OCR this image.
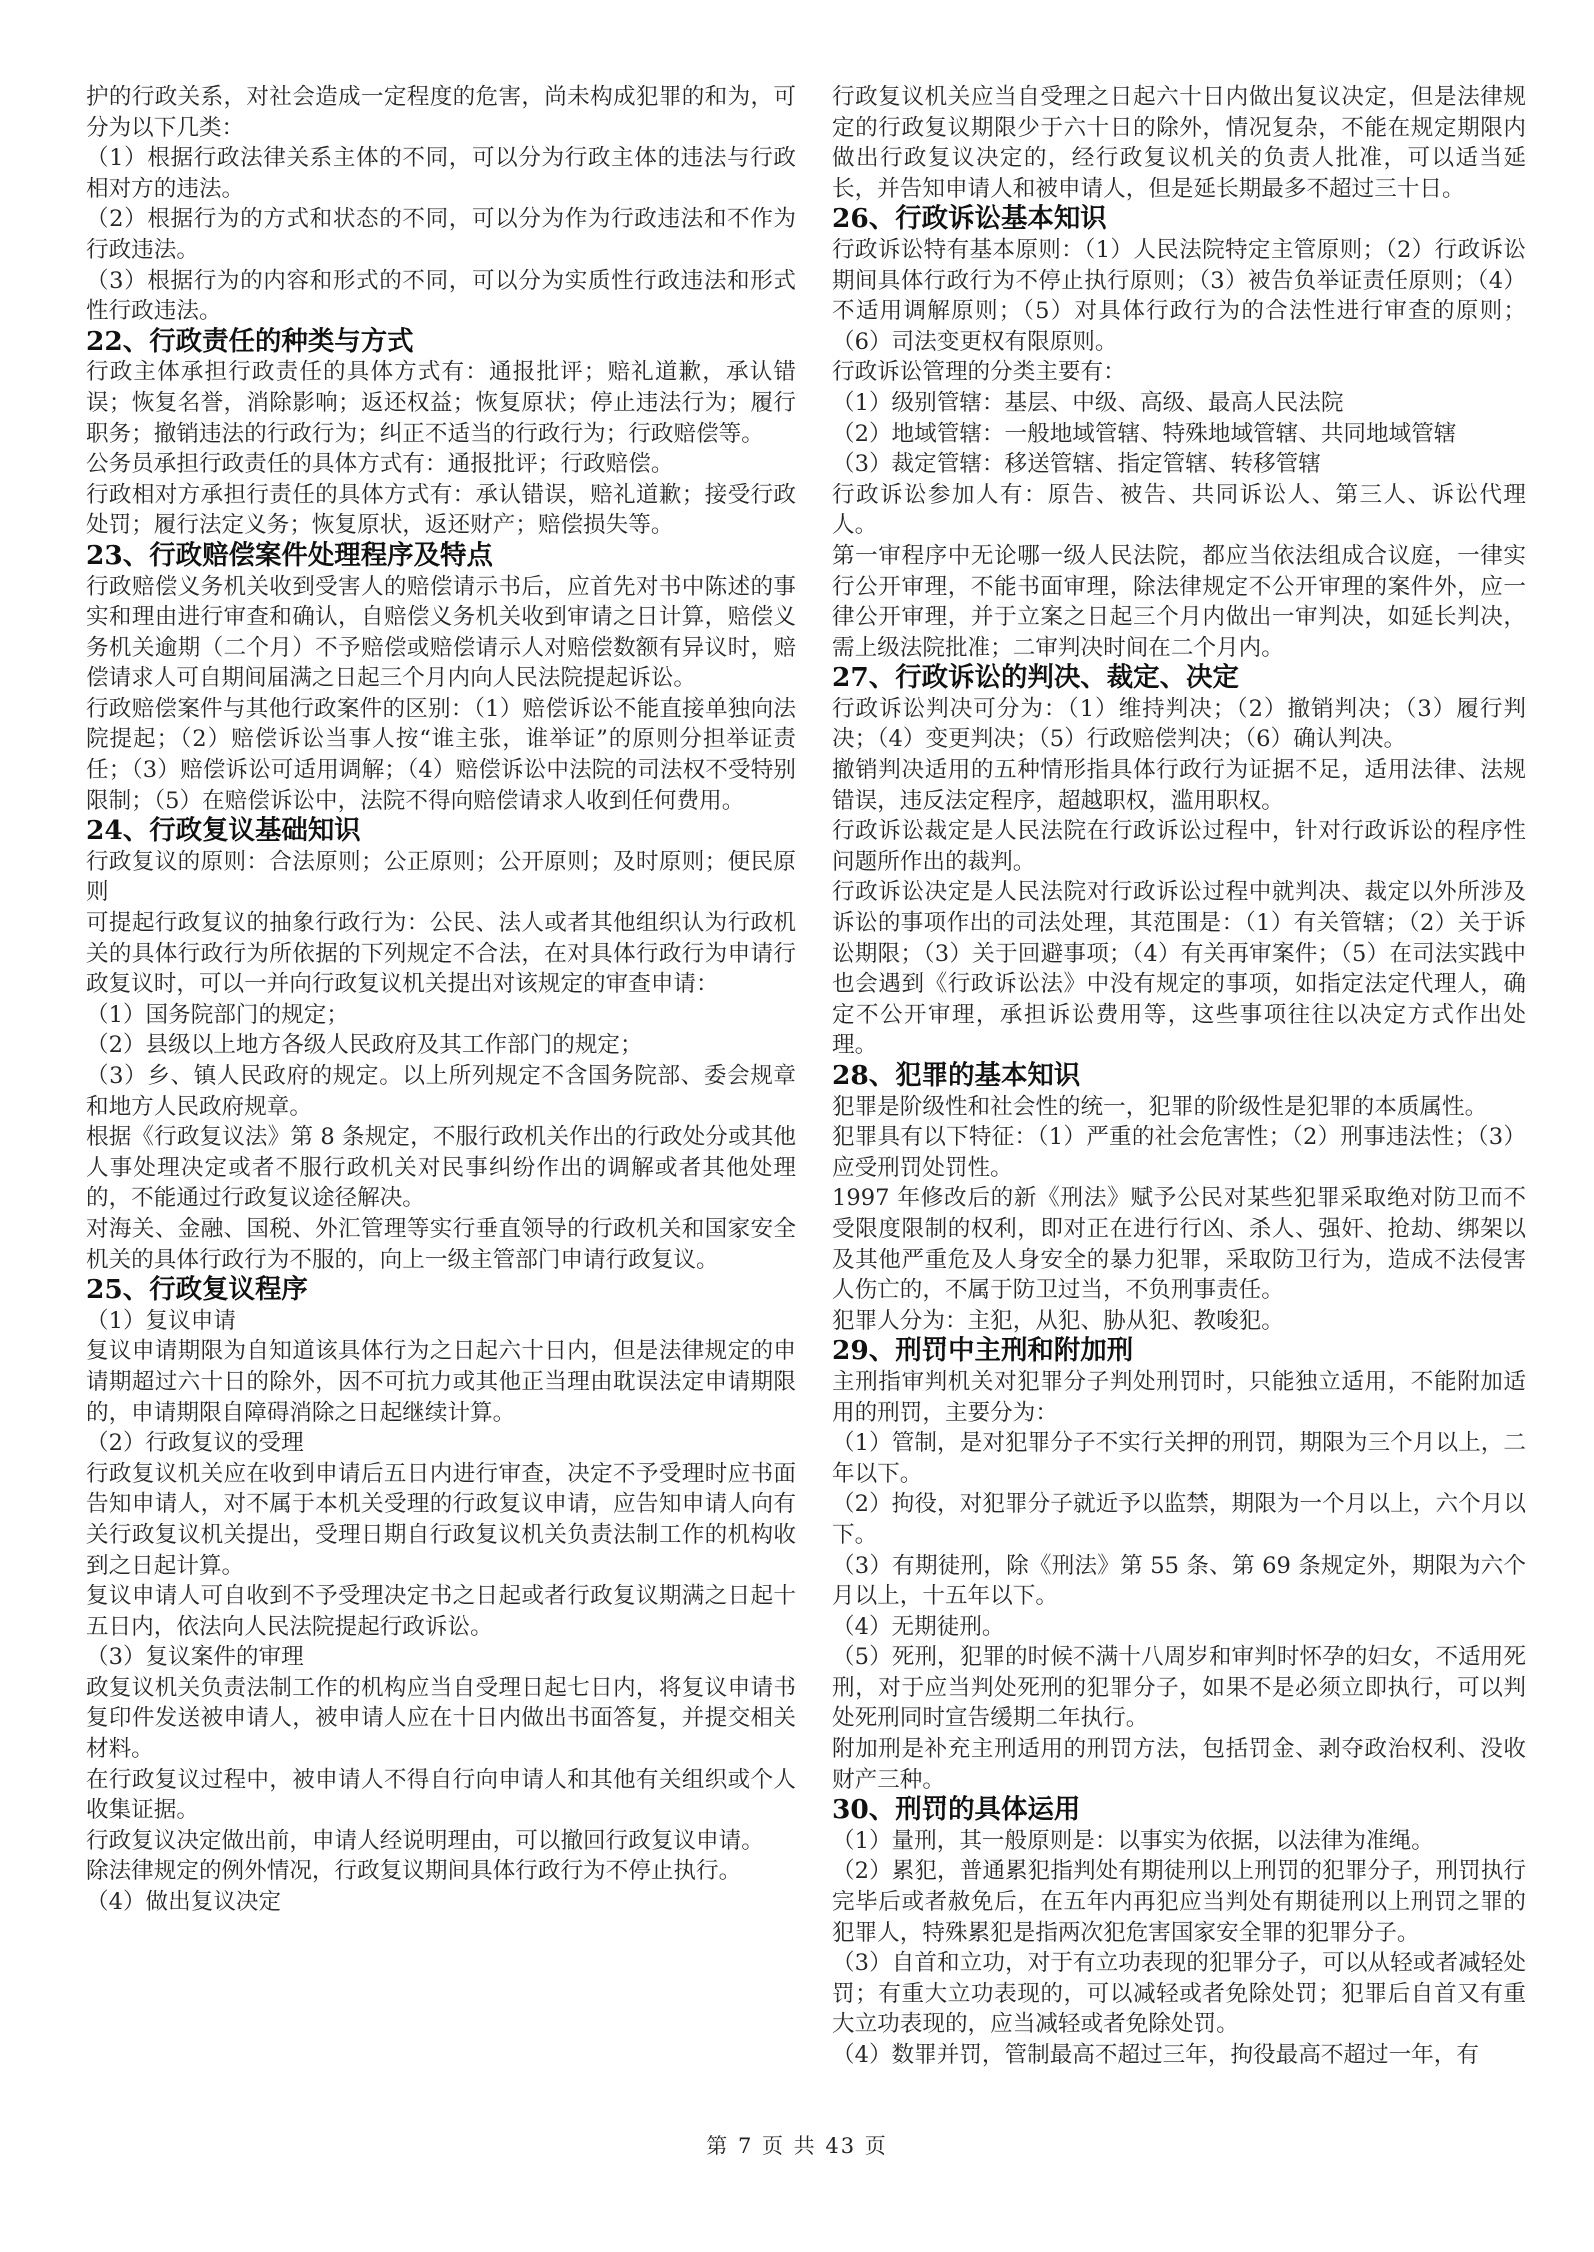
护的行政关系，对社会造成一定程度的危害，尚未构成犯罪的和为，可分为以下几类：

（1）根据行政法律关系主体的不同，可以分为行政主体的违法与行政相对方的违法。

（2）根据行为的方式和状态的不同，可以分为作为行政违法和不作为行政违法。

（3）根据行为的内容和形式的不同，可以分为实质性行政违法和形式性行政违法。

22、行政责任的种类与方式

行政主体承担行政责任的具体方式有：通报批评；赔礼道歉，承认错误；恢复名誉，消除影响；返还权益；恢复原状；停止违法行为；履行职务；撤销违法的行政行为；纠正不适当的行政行为；行政赔偿等。

公务员承担行政责任的具体方式有：通报批评；行政赔偿。

行政相对方承担行责任的具体方式有：承认错误，赔礼道歉；接受行政处罚；履行法定义务；恢复原状，返还财产；赔偿损失等。

23、行政赔偿案件处理程序及特点

行政赔偿义务机关收到受害人的赔偿请示书后，应首先对书中陈述的事实和理由进行审查和确认，自赔偿义务机关收到审请之日计算，赔偿义务机关逾期（二个月）不予赔偿或赔偿请示人对赔偿数额有异议时，赔偿请求人可自期间届满之日起三个月内向人民法院提起诉讼。

行政赔偿案件与其他行政案件的区别：（1）赔偿诉讼不能直接单独向法院提起；（2）赔偿诉讼当事人按“谁主张，谁举证”的原则分担举证责任；（3）赔偿诉讼可适用调解；（4）赔偿诉讼中法院的司法权不受特别限制；（5）在赔偿诉讼中，法院不得向赔偿请求人收到任何费用。

24、行政复议基础知识

行政复议的原则：合法原则；公正原则；公开原则；及时原则；便民原则

可提起行政复议的抽象行政行为：公民、法人或者其他组织认为行政机关的具体行政行为所依据的下列规定不合法，在对具体行政行为申请行政复议时，可以一并向行政复议机关提出对该规定的审查申请：

（1）国务院部门的规定；

（2）县级以上地方各级人民政府及其工作部门的规定；

（3）乡、镇人民政府的规定。以上所列规定不含国务院部、委会规章和地方人民政府规章。

根据《行政复议法》第 8 条规定，不服行政机关作出的行政处分或其他人事处理决定或者不服行政机关对民事纠纷作出的调解或者其他处理的，不能通过行政复议途径解决。

对海关、金融、国税、外汇管理等实行垂直领导的行政机关和国家安全机关的具体行政行为不服的，向上一级主管部门申请行政复议。

25、行政复议程序

（1）复议申请

复议申请期限为自知道该具体行为之日起六十日内，但是法律规定的申请期超过六十日的除外，因不可抗力或其他正当理由耽误法定申请期限的，申请期限自障碍消除之日起继续计算。

（2）行政复议的受理

行政复议机关应在收到申请后五日内进行审查，决定不予受理时应书面告知申请人，对不属于本机关受理的行政复议申请，应告知申请人向有关行政复议机关提出，受理日期自行政复议机关负责法制工作的机构收到之日起计算。

复议申请人可自收到不予受理决定书之日起或者行政复议期满之日起十五日内，依法向人民法院提起行政诉讼。

（3）复议案件的审理

政复议机关负责法制工作的机构应当自受理日起七日内，将复议申请书复印件发送被申请人，被申请人应在十日内做出书面答复，并提交相关材料。

在行政复议过程中，被申请人不得自行向申请人和其他有关组织或个人收集证据。

行政复议决定做出前，申请人经说明理由，可以撤回行政复议申请。

除法律规定的例外情况，行政复议期间具体行政行为不停止执行。

（4）做出复议决定

行政复议机关应当自受理之日起六十日内做出复议决定，但是法律规定的行政复议期限少于六十日的除外，情况复杂，不能在规定期限内做出行政复议决定的，经行政复议机关的负责人批准，可以适当延长，并告知申请人和被申请人，但是延长期最多不超过三十日。

26、行政诉讼基本知识

行政诉讼特有基本原则：（1）人民法院特定主管原则；（2）行政诉讼期间具体行政行为不停止执行原则；（3）被告负举证责任原则；（4）不适用调解原则；（5）对具体行政行为的合法性进行审查的原则；（6）司法变更权有限原则。

行政诉讼管理的分类主要有：

（1）级别管辖：基层、中级、高级、最高人民法院

（2）地域管辖：一般地域管辖、特殊地域管辖、共同地域管辖

（3）裁定管辖：移送管辖、指定管辖、转移管辖

行政诉讼参加人有：原告、被告、共同诉讼人、第三人、诉讼代理人。

第一审程序中无论哪一级人民法院，都应当依法组成合议庭，一律实行公开审理，不能书面审理，除法律规定不公开审理的案件外，应一律公开审理，并于立案之日起三个月内做出一审判决，如延长判决，需上级法院批准；二审判决时间在二个月内。

27、行政诉讼的判决、裁定、决定

行政诉讼判决可分为：（1）维持判决；（2）撤销判决；（3）履行判决；（4）变更判决；（5）行政赔偿判决；（6）确认判决。

撤销判决适用的五种情形指具体行政行为证据不足，适用法律、法规错误，违反法定程序，超越职权，滥用职权。

行政诉讼裁定是人民法院在行政诉讼过程中，针对行政诉讼的程序性问题所作出的裁判。

行政诉讼决定是人民法院对行政诉讼过程中就判决、裁定以外所涉及诉讼的事项作出的司法处理，其范围是：（1）有关管辖；（2）关于诉讼期限；（3）关于回避事项；（4）有关再审案件；（5）在司法实践中也会遇到《行政诉讼法》中没有规定的事项，如指定法定代理人，确定不公开审理，承担诉讼费用等，这些事项往往以决定方式作出处理。

28、犯罪的基本知识

犯罪是阶级性和社会性的统一，犯罪的阶级性是犯罪的本质属性。

犯罪具有以下特征：（1）严重的社会危害性；（2）刑事违法性；（3）应受刑罚处罚性。

1997 年修改后的新《刑法》赋予公民对某些犯罪采取绝对防卫而不受限度限制的权利，即对正在进行行凶、杀人、强奸、抢劫、绑架以及其他严重危及人身安全的暴力犯罪，采取防卫行为，造成不法侵害人伤亡的，不属于防卫过当，不负刑事责任。

犯罪人分为：主犯，从犯、胁从犯、教唆犯。

29、刑罚中主刑和附加刑

主刑指审判机关对犯罪分子判处刑罚时，只能独立适用，不能附加适用的刑罚，主要分为：

（1）管制，是对犯罪分子不实行关押的刑罚，期限为三个月以上，二年以下。

（2）拘役，对犯罪分子就近予以监禁，期限为一个月以上，六个月以下。

（3）有期徒刑，除《刑法》第 55 条、第 69 条规定外，期限为六个月以上，十五年以下。

（4）无期徒刑。

（5）死刑，犯罪的时候不满十八周岁和审判时怀孕的妇女，不适用死刑，对于应当判处死刑的犯罪分子，如果不是必须立即执行，可以判处死刑同时宣告缓期二年执行。

附加刑是补充主刑适用的刑罚方法，包括罚金、剥夺政治权利、没收财产三种。

30、刑罚的具体运用

（1）量刑，其一般原则是：以事实为依据，以法律为准绳。

（2）累犯，普通累犯指判处有期徒刑以上刑罚的犯罪分子，刑罚执行完毕后或者赦免后，在五年内再犯应当判处有期徒刑以上刑罚之罪的犯罪人，特殊累犯是指两次犯危害国家安全罪的犯罪分子。

（3）自首和立功，对于有立功表现的犯罪分子，可以从轻或者减轻处罚；有重大立功表现的，可以减轻或者免除处罚；犯罪后自首又有重大立功表现的，应当减轻或者免除处罚。

（4）数罪并罚，管制最高不超过三年，拘役最高不超过一年，有

第 7 页 共 43 页
